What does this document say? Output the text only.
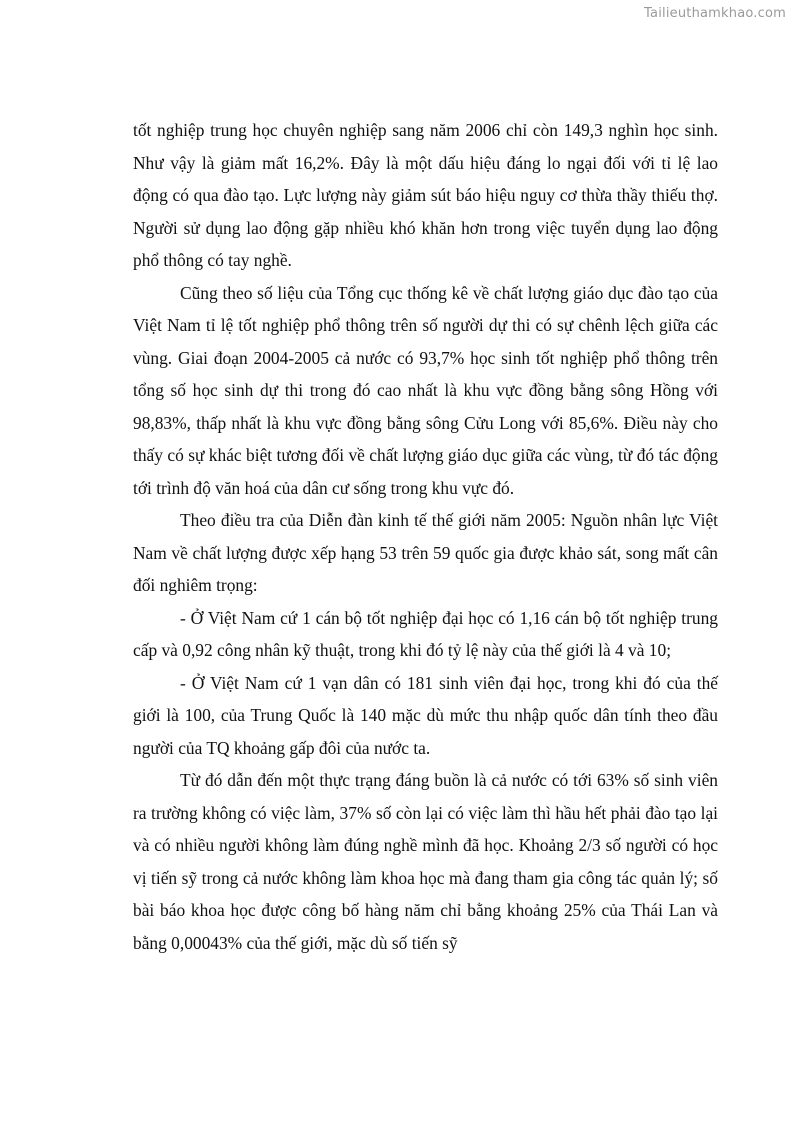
Tailieuthamkhao.com

tốt nghiệp trung học chuyên nghiệp sang năm 2006 chỉ còn 149,3 nghìn học sinh. Như vậy là giảm mất 16,2%. Đây là một dấu hiệu đáng lo ngại đối với tỉ lệ lao động có qua đào tạo. Lực lượng này giảm sút báo hiệu nguy cơ thừa thầy thiếu thợ. Người sử dụng lao động gặp nhiều khó khăn hơn trong việc tuyển dụng lao động phổ thông có tay nghề.

Cũng theo số liệu của Tổng cục thống kê về chất lượng giáo dục đào tạo của Việt Nam tỉ lệ tốt nghiệp phổ thông trên số người dự thi có sự chênh lệch giữa các vùng. Giai đoạn 2004-2005 cả nước có 93,7% học sinh tốt nghiệp phổ thông trên tổng số học sinh dự thi trong đó cao nhất là khu vực đồng bằng sông Hồng với 98,83%, thấp nhất là khu vực đồng bằng sông Cửu Long với 85,6%. Điều này cho thấy có sự khác biệt tương đối về chất lượng giáo dục giữa các vùng, từ đó tác động tới trình độ văn hoá của dân cư sống trong khu vực đó.

Theo điều tra của Diễn đàn kinh tế thế giới năm 2005: Nguồn nhân lực Việt Nam về chất lượng được xếp hạng 53 trên 59 quốc gia được khảo sát, song mất cân đối nghiêm trọng:

- Ở Việt Nam cứ 1 cán bộ tốt nghiệp đại học có 1,16 cán bộ tốt nghiệp trung cấp và 0,92 công nhân kỹ thuật, trong khi đó tỷ lệ này của thế giới là 4 và 10;

- Ở Việt Nam cứ 1 vạn dân có 181 sinh viên đại học, trong khi đó của thế giới là 100, của Trung Quốc là 140 mặc dù mức thu nhập quốc dân tính theo đầu người của TQ khoảng gấp đôi của nước ta.

Từ đó dẫn đến một thực trạng đáng buồn là cả nước có tới 63% số sinh viên ra trường không có việc làm, 37% số còn lại có việc làm thì hầu hết phải đào tạo lại và có nhiều người không làm đúng nghề mình đã học. Khoảng 2/3 số người có học vị tiến sỹ trong cả nước không làm khoa học mà đang tham gia công tác quản lý; số bài báo khoa học được công bố hàng năm chỉ bằng khoảng 25% của Thái Lan và bằng 0,00043% của thế giới, mặc dù số tiến sỹ
